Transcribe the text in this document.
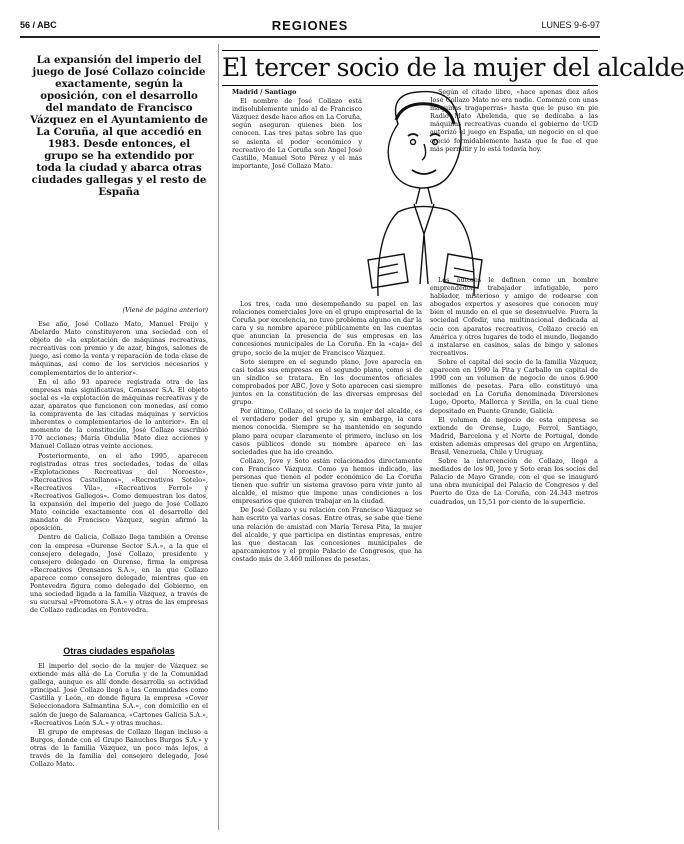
56 / ABC	REGIONES	LUNES 9-6-97
La expansión del imperio del juego de José Collazo coincide exactamente, según la oposición, con el desarrollo del mandato de Francisco Vázquez en el Ayuntamiento de La Coruña, al que accedió en 1983. Desde entonces, el grupo se ha extendido por toda la ciudad y abarca otras ciudades gallegas y el resto de España
(Viene de página anterior)

Ese año, José Collazo Mato, Manuel Freijo y Abelardo Mato constituyeron una sociedad con el objeto de «la explotación de máquinas recreativas, recreativas con premio y de azar, bingos, salones de juego, así como la venta y reparación de toda clase de máquinas, así como de los servicios necesarios y complementarios de lo anterior».

En el año 93 aparece registrada otra de las empresas más significativas, Conasser S.A. El objeto social es «la explotación de máquinas recreativas y de azar, aparatos que funcionen con monedas, así como la compraventa de las citadas máquinas y servicios inherentes o complementarios de lo anterior». En el momento de la constitución, José Collazo suscribió 170 acciones; María Obdulia Mato diez acciones y Manuel Collazo otras veinte acciones.

Posteriormente, en el año 1995, aparecen registradas otras tres sociedades, todas de ellas «Explotaciones Recreativas del Noroeste», «Recreativos Castellanos», «Recreativos Sotelo», «Recreativos Vila», «Recreativos Ferrol» y «Recreativos Gallegos». Como demuestran los datos, la expansión del imperio del juego de José Collazo Mato coincide exactamente con el desarrollo del mandato de Francisco Vázquez, según afirmó la oposición.

Dentro de Galicia, Collazo llega también a Orense con la empresa «Ourense Sector S.A.», a la que el consejero delegado, José Collazo, presidente y consejero delegado en Ourense, firma la empresa «Recreativos Orensanos S.A.», en la que Collazo aparece como consejero delegado, mientras que en Pontevedra figura como delegado del Gobierno, en una sociedad ligada a la familia Vázquez, a través de su sucursal «Promotora S.A.» y otras de las empresas de Collazo radicadas en Pontevedra.

Otras ciudades españolas

El imperio del socio de la mujer de Vázquez se extiende más allá de La Coruña y de la Comunidad gallega, aunque es allí donde desarrolla su actividad principal. José Collazo llegó a las Comunidades como Castilla y León, en donde figura la empresa «Cover Seleccionadora Salmantina S.A.», con domicilio en el salón de juego de Salamanca, «Cartones Galicia S.A.», «Recreativos León S.A.» y otras muchas.

El grupo de empresas de Collazo llegan incluso a Burgos, donde con el Grupo Banuchos Burgos S.A.» y otras de la familia Vázquez, un poco más lejos, a través de la familia del consejero delegado, José Collazo Mato.

El tercer socio de la mujer del alcalde

Madrid / Santiago

El nombre de José Collazo está indisolublemente unido al de Francisco Vázquez desde hace años en La Coruña, según aseguran quienes bien los conocen. Las tres patas sobre las que se asienta el poder económico y recreativo de La Coruña son Angel José Castillo, Manuel Soto Pérez y el más importante, José Collazo Mato.

Según el citado libro, «hace apenas diez años José Collazo Mato no era nadie. Comenzó con unas máquinas tragaperras» hasta que le puso en pie Radio Mato Abelenda, que se dedicaba a las máquinas recreativas cuando el gobierno de UCD autorizó el juego en España, un negocio en el que creció formidablemente hasta que le fue el que más permitir y lo está todavía hoy.

Los tres, cada uno desempeñando su papel en las relaciones comerciales Jove en el grupo empresarial de la Coruña por excelencia, no tuvo problema alguno en dar la cara y su nombre aparece públicamente en las cuentas que anuncian la presencia de sus empresas en las concesiones municipales de La Coruña. En la «caja» del grupo, socio de la mujer de Francisco Vázquez.

Soto siempre en el segundo plano, Jove aparecía en casi todas sus empresas en el segundo plano, como si de un síndico se tratara. En los documentos oficiales comprobados por ABC, Jove y Soto aparecen casi siempre juntos en la constitución de las diversas empresas del grupo.

Por último, Collazo, el socio de la mujer del alcalde, es el verdadero poder del grupo y, sin embargo, la cara menos conocida. Siempre se ha mantenido en segundo plano para ocupar claramente el primero, incluso en los casos públicos donde su nombre aparece en las sociedades que ha ido creando.

Collazo, Jove y Soto están relacionados directamente con Francisco Vázquez. Como ya hemos indicado, las personas que tienen el poder económico de La Coruña tienen que sufrir un sistema gravoso para vivir junto al alcalde, el mismo que impone unas condiciones a los empresarios que quieren trabajar en la ciudad.

De José Collazo y su relación con Francisco Vázquez se han escrito ya varias cosas. Entre otras, se sabe que tiene una relación de amistad con María Teresa Pita, la mujer del alcalde, y que participa en distintas empresas, entre las que destacan las concesiones municipales de aparcamientos y el propio Palacio de Congresos, que ha costado más de 3.460 millones de pesetas.

Los autores le definen como un hombre emprendedor, trabajador infatigable, pero hablador, misterioso y amigo de rodearse con abogados expertos y asesores que conocen muy bien el mundo en el que se desenvuelve. Fuera la sociedad Cofedir, una multinacional dedicada al ocio con aparatos recreativos, Collazo creció en América y otros lugares de todo el mundo, llegando a instalarse en casinos, salas de bingo y salones recreativos.

Sobre el capital del socio de la familia Vázquez, aparecen en 1990 la Pita y Carballo un capital de 1990 con un volumen de negocio de unos 6.900 millones de pesetas. Para ello constituyó una sociedad en La Coruña denominada Diversiones Lugo, Oporto, Mallorca y Sevilla, en la cual tiene depositado en Puente Grande, Galicia.

El volumen de negocio de esta empresa se extiende de Orense, Lugo, Ferrol, Santiago, Madrid, Barcelona y el Norte de Portugal, donde existen además empresas del grupo en Argentina, Brasil, Venezuela, Chile y Uruguay.

Sobre la intervención de Collazo, llegó a mediados de los 90, Jove y Soto eran los socios del Palacio de Mayo Grande, con el que se inauguró una obra municipal del Palacio de Congresos y del Puerto de Oza de La Coruña, con 24.343 metros cuadrados, un 15,51 por ciento de la superficie.
